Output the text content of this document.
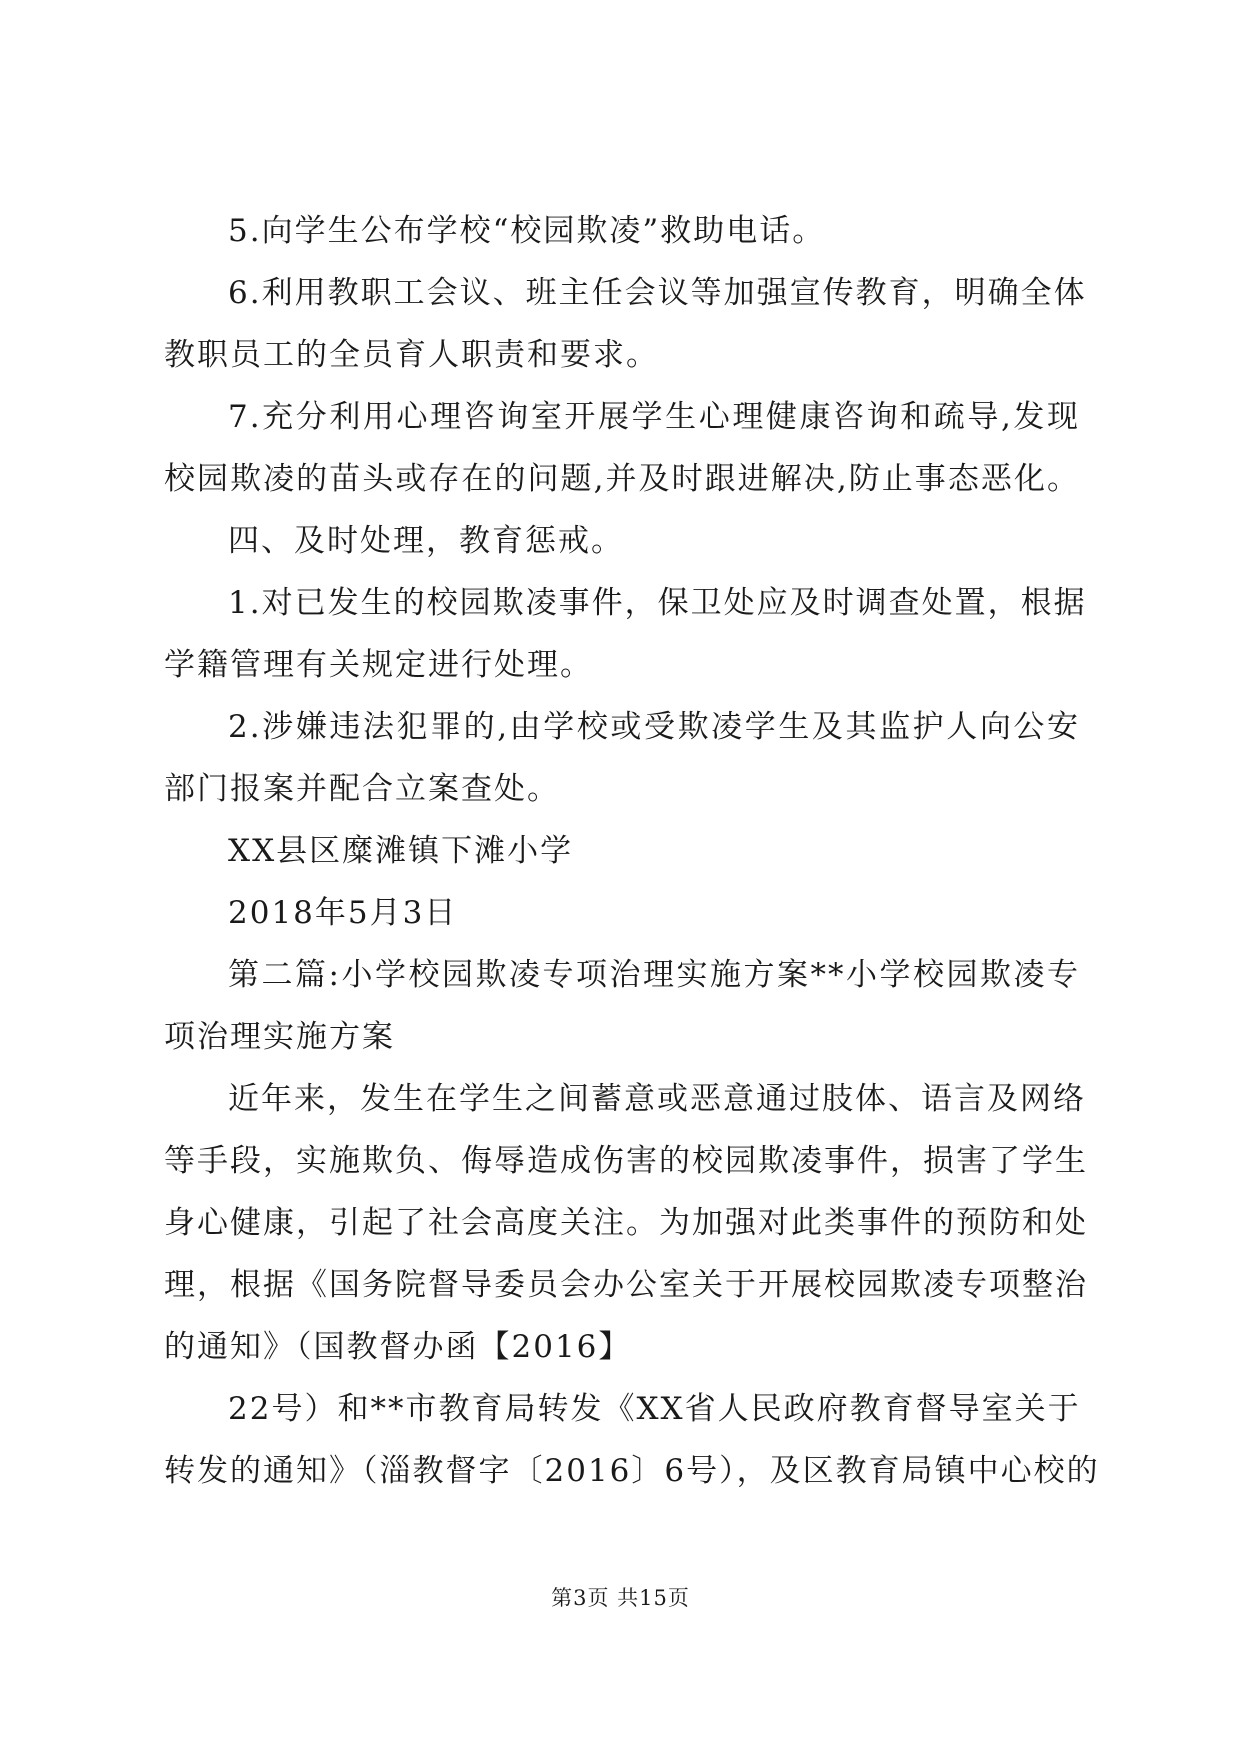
5.向学生公布学校“校园欺凌”救助电话。
6.利用教职工会议、班主任会议等加强宣传教育，明确全体
教职员工的全员育人职责和要求。
7.充分利用心理咨询室开展学生心理健康咨询和疏导,发现
校园欺凌的苗头或存在的问题,并及时跟进解决,防止事态恶化。
四、及时处理，教育惩戒。
1.对已发生的校园欺凌事件，保卫处应及时调查处置，根据
学籍管理有关规定进行处理。
2.涉嫌违法犯罪的,由学校或受欺凌学生及其监护人向公安
部门报案并配合立案查处。
XX县区糜滩镇下滩小学
2018年5月3日
第二篇:小学校园欺凌专项治理实施方案**小学校园欺凌专
项治理实施方案
近年来，发生在学生之间蓄意或恶意通过肢体、语言及网络
等手段，实施欺负、侮辱造成伤害的校园欺凌事件，损害了学生
身心健康，引起了社会高度关注。为加强对此类事件的预防和处
理，根据《国务院督导委员会办公室关于开展校园欺凌专项整治
的通知》（国教督办函【2016】
22号）和**市教育局转发《XX省人民政府教育督导室关于
转发的通知》（淄教督字〔2016〕6号），及区教育局镇中心校的
第3页 共15页
